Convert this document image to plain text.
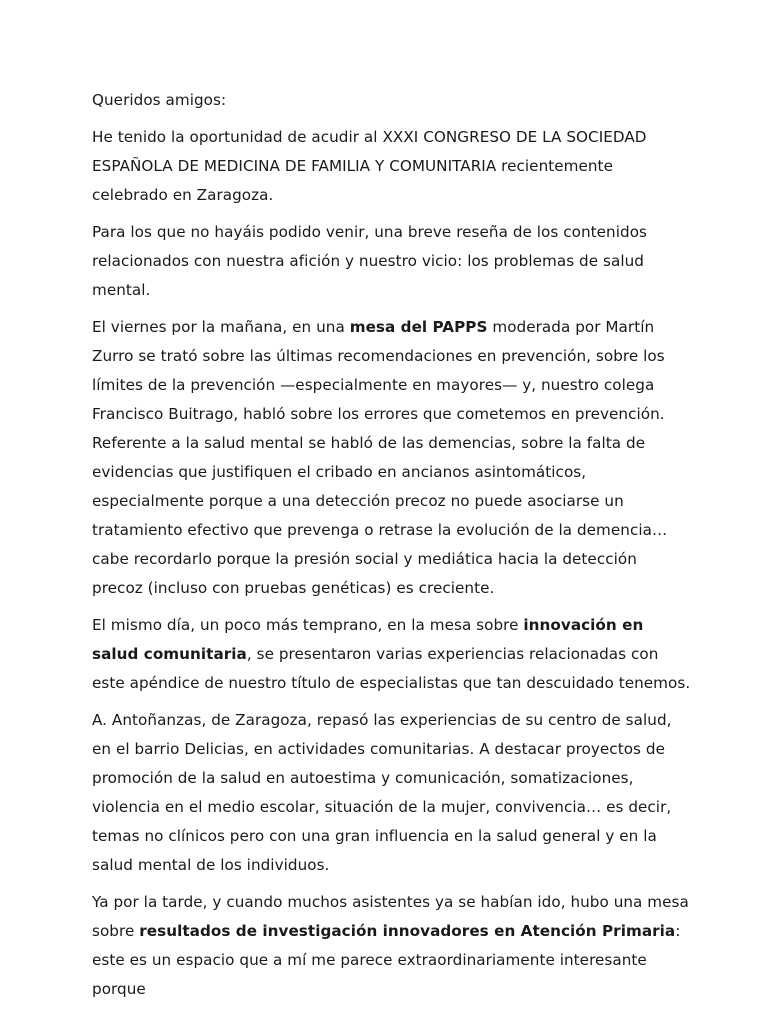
Queridos amigos:

He tenido la oportunidad de acudir al XXXI CONGRESO DE LA SOCIEDAD ESPAÑOLA DE MEDICINA DE FAMILIA Y COMUNITARIA recientemente celebrado en Zaragoza.

Para los que no hayáis podido venir, una breve reseña de los contenidos relacionados con nuestra afición y nuestro vicio: los problemas de salud mental.

El viernes por la mañana, en una mesa del PAPPS moderada por Martín Zurro se trató sobre las últimas recomendaciones en prevención, sobre los límites de la prevención —especialmente en mayores— y, nuestro colega Francisco Buitrago, habló sobre los errores que cometemos en prevención. Referente a la salud mental se habló de las demencias, sobre la falta de evidencias que justifiquen el cribado en ancianos asintomáticos, especialmente porque a una detección precoz no puede asociarse un tratamiento efectivo que prevenga o retrase la evolución de la demencia… cabe recordarlo porque la presión social y mediática hacia la detección precoz (incluso con pruebas genéticas) es creciente.

El mismo día, un poco más temprano, en la mesa sobre innovación en salud comunitaria, se presentaron varias experiencias relacionadas con este apéndice de nuestro título de especialistas que tan descuidado tenemos.

A. Antoñanzas, de Zaragoza, repasó las experiencias de su centro de salud, en el barrio Delicias, en actividades comunitarias. A destacar proyectos de promoción de la salud en autoestima y comunicación, somatizaciones, violencia en el medio escolar, situación de la mujer, convivencia… es decir, temas no clínicos pero con una gran influencia en la salud general y en la salud mental de los individuos.

Ya por la tarde, y cuando muchos asistentes ya se habían ido, hubo una mesa sobre resultados de investigación innovadores en Atención Primaria: este es un espacio que a mí me parece extraordinariamente interesante porque
